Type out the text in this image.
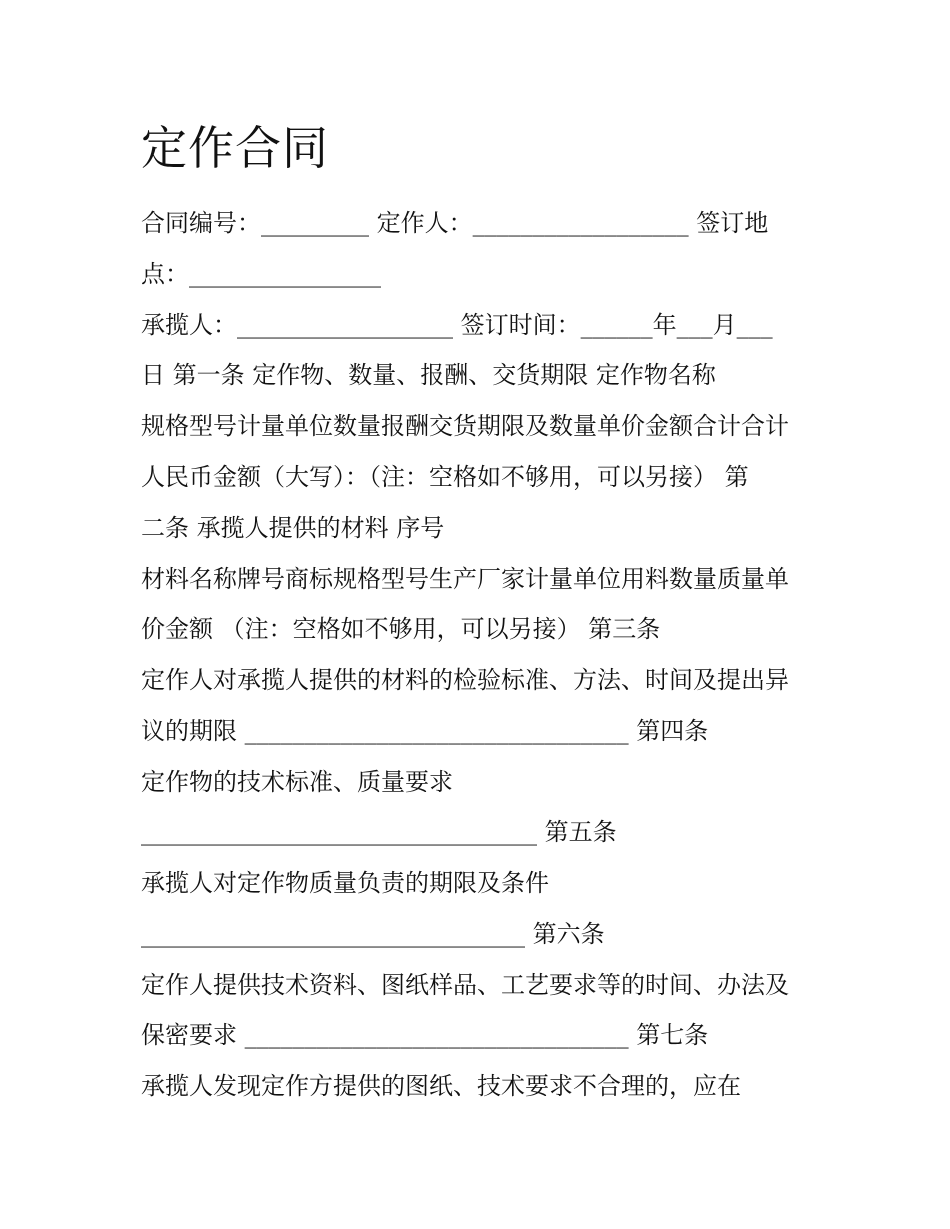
定作合同

合同编号：_________ 定作人：__________________ 签订地

点：________________

承揽人：__________________ 签订时间：______年___月___

日 第一条 定作物、数量、报酬、交货期限 定作物名称

规格型号计量单位数量报酬交货期限及数量单价金额合计合计

人民币金额（大写）：（注：空格如不够用，可以另接） 第

二条 承揽人提供的材料 序号

材料名称牌号商标规格型号生产厂家计量单位用料数量质量单

价金额 （注：空格如不够用，可以另接） 第三条

定作人对承揽人提供的材料的检验标准、方法、时间及提出异

议的期限 ________________________________ 第四条

定作物的技术标准、质量要求

_________________________________ 第五条

承揽人对定作物质量负责的期限及条件

________________________________ 第六条

定作人提供技术资料、图纸样品、工艺要求等的时间、办法及

保密要求 ________________________________ 第七条

承揽人发现定作方提供的图纸、技术要求不合理的，应在
